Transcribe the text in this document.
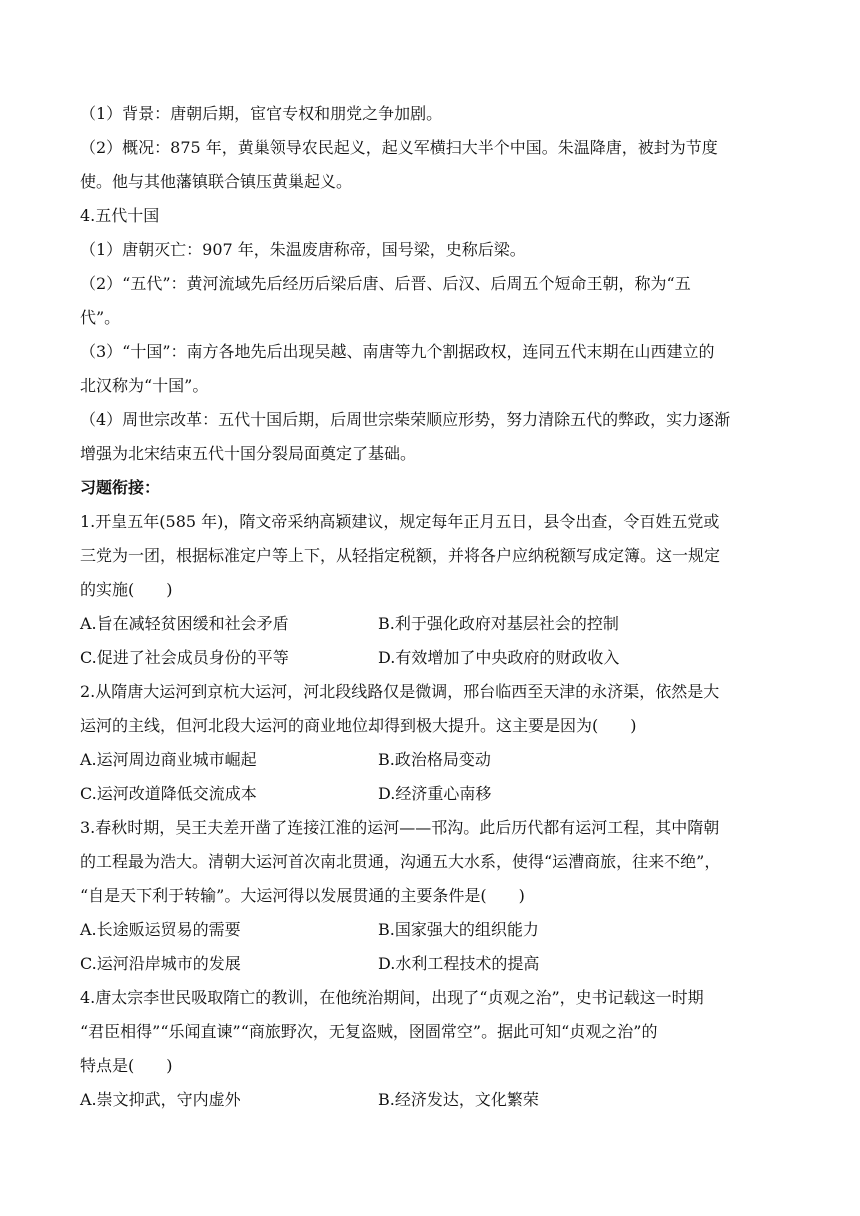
（1）背景：唐朝后期，宦官专权和朋党之争加剧。
（2）概况：875 年，黄巢领导农民起义，起义军横扫大半个中国。朱温降唐，被封为节度
使。他与其他藩镇联合镇压黄巢起义。
4.五代十国
（1）唐朝灭亡：907 年，朱温废唐称帝，国号梁，史称后梁。
（2）“五代”：黄河流域先后经历后梁后唐、后晋、后汉、后周五个短命王朝，称为“五
代”。
（3）“十国”：南方各地先后出现吴越、南唐等九个割据政权，连同五代末期在山西建立的
北汉称为“十国”。
（4）周世宗改革：五代十国后期，后周世宗柴荣顺应形势，努力清除五代的弊政，实力逐渐
增强为北宋结束五代十国分裂局面奠定了基础。
习题衔接：
1.开皇五年(585 年)，隋文帝采纳高颖建议，规定每年正月五日，县令出查，令百姓五党或
三党为一团，根据标准定户等上下，从轻指定税额，并将各户应纳税额写成定簿。这一规定
的实施(　　)
A.旨在减轻贫困缓和社会矛盾	B.利于强化政府对基层社会的控制
C.促进了社会成员身份的平等	D.有效增加了中央政府的财政收入
2.从隋唐大运河到京杭大运河，河北段线路仅是微调，邢台临西至天津的永济渠，依然是大
运河的主线，但河北段大运河的商业地位却得到极大提升。这主要是因为(　　)
A.运河周边商业城市崛起	B.政治格局变动
C.运河改道降低交流成本	D.经济重心南移
3.春秋时期，吴王夫差开凿了连接江淮的运河——邗沟。此后历代都有运河工程，其中隋朝
的工程最为浩大。清朝大运河首次南北贯通，沟通五大水系，使得“运漕商旅，往来不绝”，
“自是天下利于转输”。大运河得以发展贯通的主要条件是(　　)
A.长途贩运贸易的需要	B.国家强大的组织能力
C.运河沿岸城市的发展	D.水利工程技术的提高
4.唐太宗李世民吸取隋亡的教训，在他统治期间，出现了“贞观之治”，史书记载这一时期
“君臣相得”“乐闻直谏”“商旅野次，无复盗贼，囹圄常空”。据此可知“贞观之治”的
特点是(　　)
A.崇文抑武，守内虚外	B.经济发达，文化繁荣
